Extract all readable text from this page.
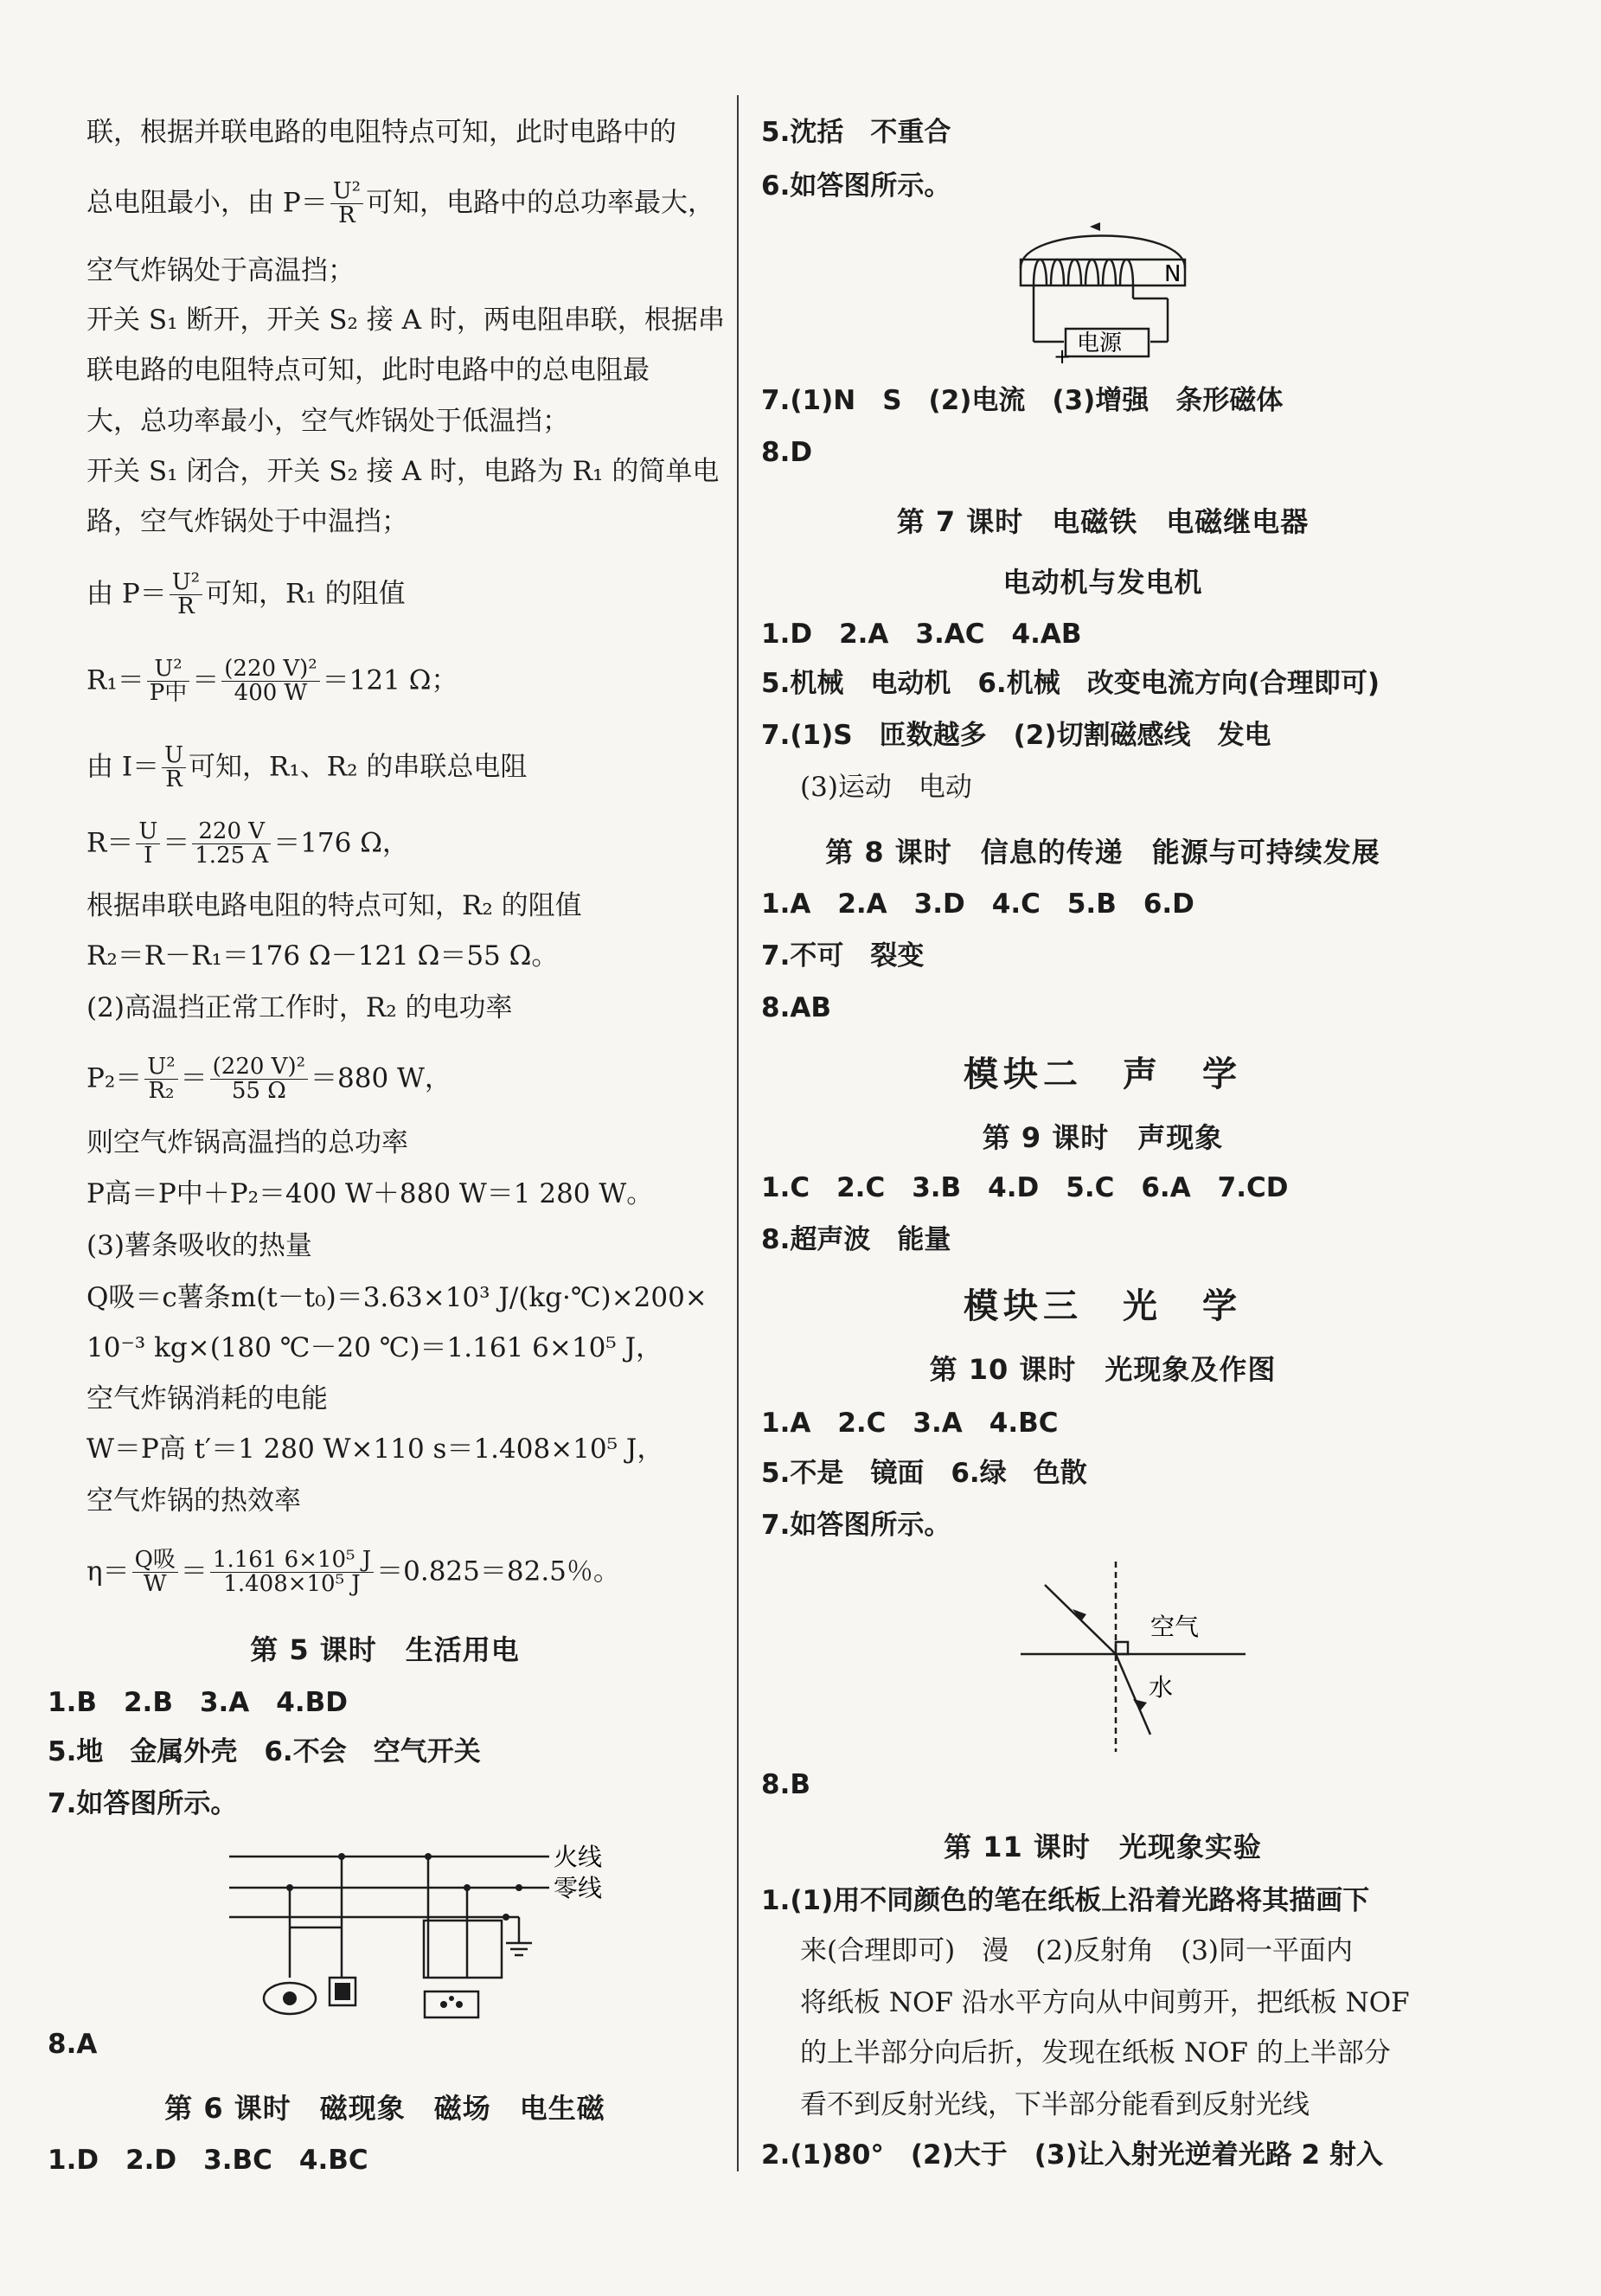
联，根据并联电路的电阻特点可知，此时电路中的
总电阻最小，由 $P= \frac{\text{U²}}{R}$ 可知，电路中的总功率最大，
空气炸锅处于高温挡；
开关 S₁ 断开，开关 S₂ 接 A 时，两电阻串联，根据串
联电路的电阻特点可知，此时电路中的总电阻最
大，总功率最小，空气炸锅处于低温挡；
开关 S₁ 闭合，开关 S₂ 接 A 时，电路为 R₁ 的简单电
路，空气炸锅处于中温挡；
由 $P= \frac{\text{U²}}{R}$ 可知，R₁ 的阻值
$R_1= \frac{\text{U²}}{\text{P中}} = \frac{\text{(220 V)²}}{400 W} =121$ Ω；
由 $I= \frac{U}{R}$ 可知，R₁、R₂ 的串联总电阻
$R= \frac{U}{I} = \frac{220 V}{1.25 A} =176$ Ω，
根据串联电路电阻的特点可知，R₂ 的阻值
R₂＝R－R₁＝176 Ω－121 Ω＝55 Ω。
(2)高温挡正常工作时，R₂ 的电功率
$P_2= \frac{\text{U²}}{\text{R₂}} = \frac{\text{(220 V)²}}{55 \Omega} =880$ W，
则空气炸锅高温挡的总功率
P高＝P中＋P₂＝400 W＋880 W＝1 280 W。
(3)薯条吸收的热量
Q吸＝c薯条m(t－t₀)＝3.63×10³ J/(kg·℃)×200×
10⁻³ kg×(180 ℃－20 ℃)＝1.161 6×10⁵ J，
空气炸锅消耗的电能
W＝P高 t′＝1 280 W×110 s＝1.408×10⁵ J，
空气炸锅的热效率
$\eta= \frac{\text{Q吸}}{W} = \frac{\text{1.161 6×10⁵ J}}{\text{1.408×10⁵ J}} =0.825=82.5$％。
第 5 课时　生活用电
1.B　2.B　3.A　4.BD
5.地　金属外壳　6.不会　空气开关
7.如答图所示。
火线
零线
8.A
第 6 课时　磁现象　磁场　电生磁
1.D　2.D　3.BC　4.BC
5.沈括　不重合
6.如答图所示。
N
电源
+
7.(1)N　S　(2)电流　(3)增强　条形磁体
8.D
第 7 课时　电磁铁　电磁继电器
电动机与发电机
1.D　2.A　3.AC　4.AB
5.机械　电动机　6.机械　改变电流方向(合理即可)
7.(1)S　匝数越多　(2)切割磁感线　发电
(3)运动　电动
第 8 课时　信息的传递　能源与可持续发展
1.A　2.A　3.D　4.C　5.B　6.D
7.不可　裂变
8.AB
模块二　声　学
第 9 课时　声现象
1.C　2.C　3.B　4.D　5.C　6.A　7.CD
8.超声波　能量
模块三　光　学
第 10 课时　光现象及作图
1.A　2.C　3.A　4.BC
5.不是　镜面　6.绿　色散
7.如答图所示。
空气
水
8.B
第 11 课时　光现象实验
1.(1)用不同颜色的笔在纸板上沿着光路将其描画下
来(合理即可)　漫　(2)反射角　(3)同一平面内
将纸板 NOF 沿水平方向从中间剪开，把纸板 NOF
的上半部分向后折，发现在纸板 NOF 的上半部分
看不到反射光线，下半部分能看到反射光线
2.(1)80°　(2)大于　(3)让入射光逆着光路 2 射入
